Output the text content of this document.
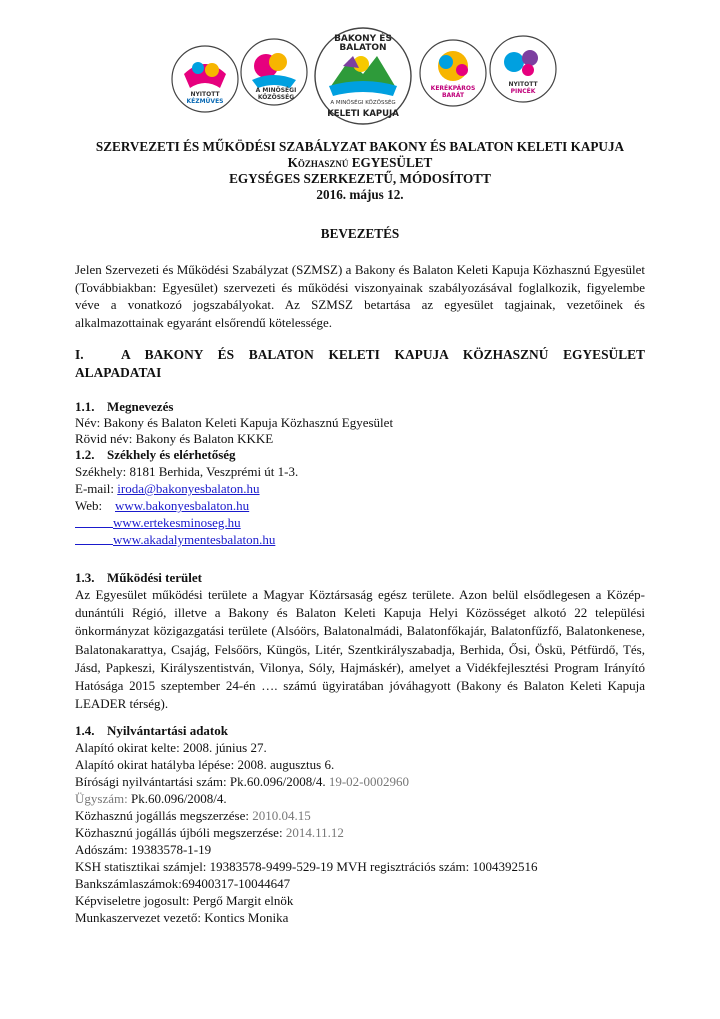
NYITOTT
KÉZMŰVES
A MINŐSÉGI
KÖZÖSSÉG
BAKONY ÉS
BALATON
A MINŐSÉGI KÖZÖSSÉG
KELETI KAPUJA
KERÉKPÁROS
BARÁT
NYITOTT
PINCÉK
SZERVEZETI ÉS MŰKÖDÉSI SZABÁLYZAT BAKONY ÉS BALATON KELETI KAPUJA
Közhasznú EGYESÜLET
EGYSÉGES SZERKEZETŰ, MÓDOSÍTOTT
2016. május 12.
BEVEZETÉS
Jelen Szervezeti és Működési Szabályzat (SZMSZ) a Bakony és Balaton Keleti Kapuja Közhasznú Egyesület (Továbbiakban: Egyesület) szervezeti és működési viszonyainak szabályozásával foglalkozik, figyelembe véve a vonatkozó jogszabályokat. Az SZMSZ betartása az egyesület tagjainak, vezetőinek és alkalmazottainak egyaránt elsőrendű kötelessége.
I.	A BAKONY ÉS BALATON KELETI KAPUJA KÖZHASZNÚ EGYESÜLET ALAPADATAI
1.1. Megnevezés
Név: Bakony és Balaton Keleti Kapuja Közhasznú Egyesület
Rövid név: Bakony és Balaton KKKE
1.2. Székhely és elérhetőség
Székhely: 8181 Berhida, Veszprémi út 1-3.
E-mail: iroda@bakonyesbalaton.hu
Web: www.bakonyesbalaton.hu
www.ertekesminoseg.hu
www.akadalymentesbalaton.hu
1.3. Működési terület
Az Egyesület működési területe a Magyar Köztársaság egész területe. Azon belül elsődlegesen a Közép-dunántúli Régió, illetve a Bakony és Balaton Keleti Kapuja Helyi Közösséget alkotó 22 települési önkormányzat közigazgatási területe (Alsóörs, Balatonalmádi, Balatonfőkajár, Balatonfűzfő, Balatonkenese, Balatonakarattya, Csajág, Felsőörs, Küngös, Litér, Szentkirályszabadja, Berhida, Ősi, Öskü, Pétfürdő, Tés, Jásd, Papkeszi, Királyszentistván, Vilonya, Sóly, Hajmáskér), amelyet a Vidékfejlesztési Program Irányító Hatósága 2015 szeptember 24-én …. számú ügyiratában jóváhagyott (Bakony és Balaton Keleti Kapuja LEADER térség).
1.4. Nyilvántartási adatok
Alapító okirat kelte: 2008. június 27.
Alapító okirat hatályba lépése: 2008. augusztus 6.
Bírósági nyilvántartási szám: Pk.60.096/2008/4. 19-02-0002960
Ügyszám: Pk.60.096/2008/4.
Közhasznú jogállás megszerzése: 2010.04.15
Közhasznú jogállás újbóli megszerzése: 2014.11.12
Adószám: 19383578-1-19
KSH statisztikai számjel: 19383578-9499-529-19 MVH regisztrációs szám: 1004392516
Bankszámlaszámok:69400317-10044647
Képviseletre jogosult: Pergő Margit elnök
Munkaszervezet vezető: Kontics Monika
